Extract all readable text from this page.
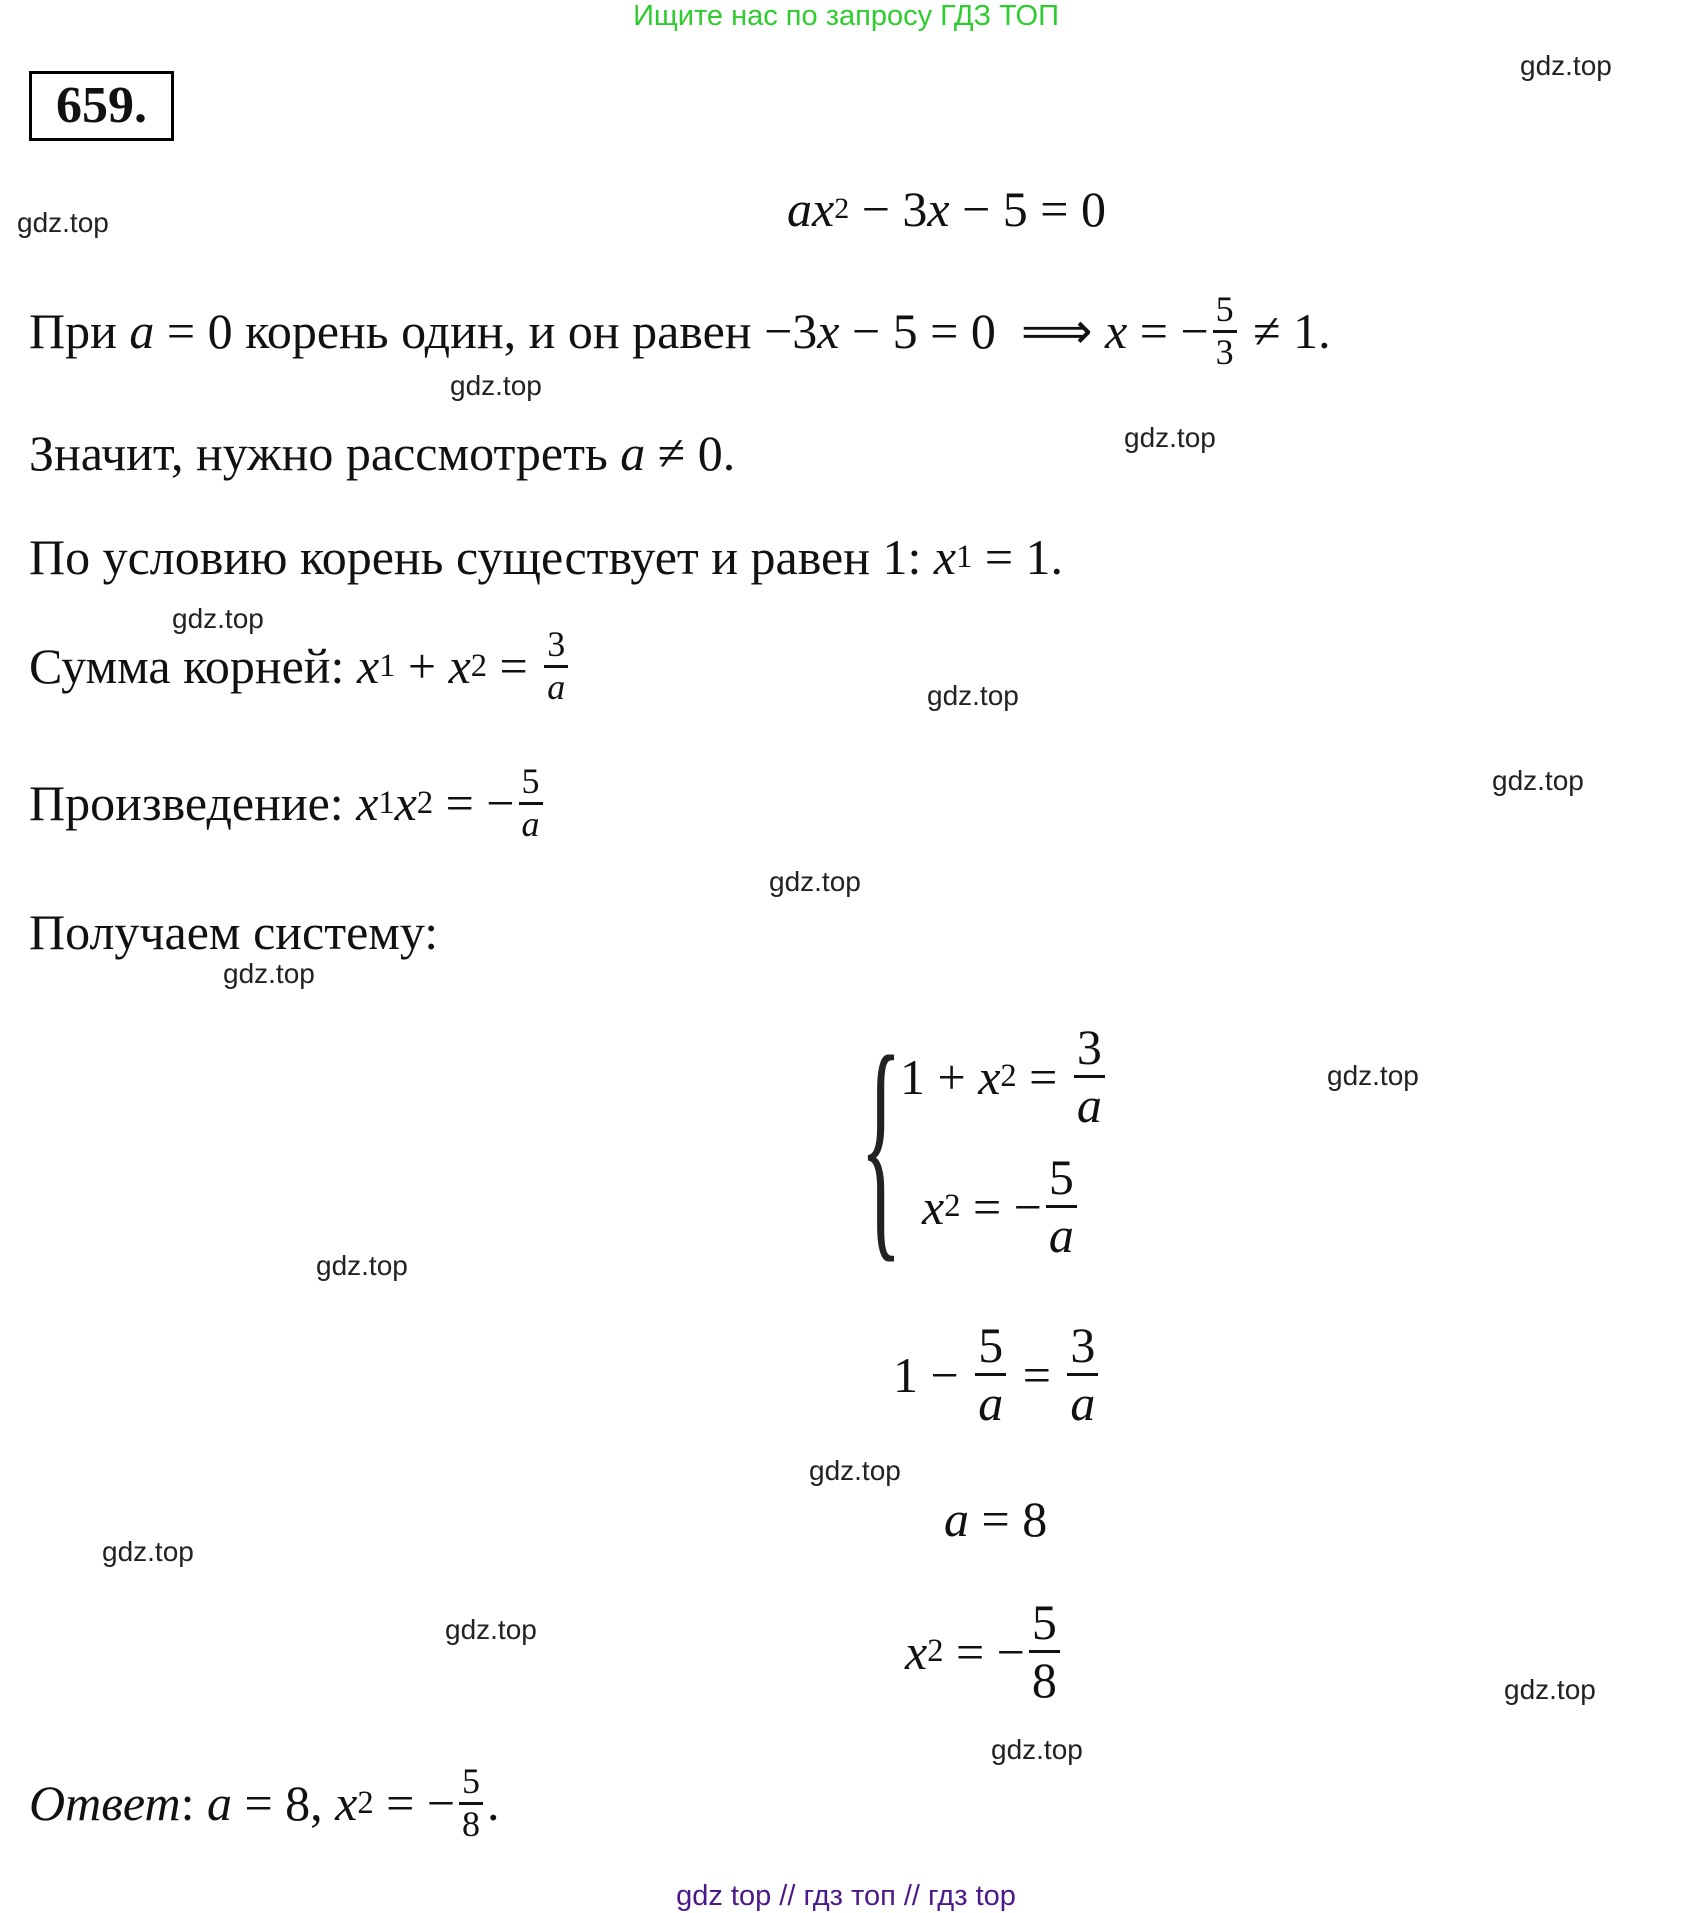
Ищите нас по запросу ГДЗ ТОП
659.
gdz.top
gdz.top
gdz.top
gdz.top
gdz.top
gdz.top
gdz.top
gdz.top
gdz.top
gdz.top
gdz.top
gdz.top
gdz.top
gdz.top
gdz.top
gdz.top
a x 2 − 3 x − 5 = 0
При a = 0 корень один, и он равен −3 x − 5 = 0  ⟹ x = − $\frac{5}{3} \ne 1$.
Значит, нужно рассмотреть a ≠ 0.
По условию корень существует и равен 1: x 1 = 1.
Сумма корней: x 1 + x $2 = \frac{3}{a}$
Произведение: x 1 x 2 = − $\frac{5}{a}$
Получаем систему:
{
1 + x $2 = \frac{3}{a}$
x 2 = − $\frac{5}{a}$
$1 - \frac{5}{a} = \frac{3}{a}$
a = 8
x 2 = − $\frac{5}{8}$
Ответ : a = 8, x 2 = − $\frac{5}{8}$ .
gdz top // гдз топ // гдз top
